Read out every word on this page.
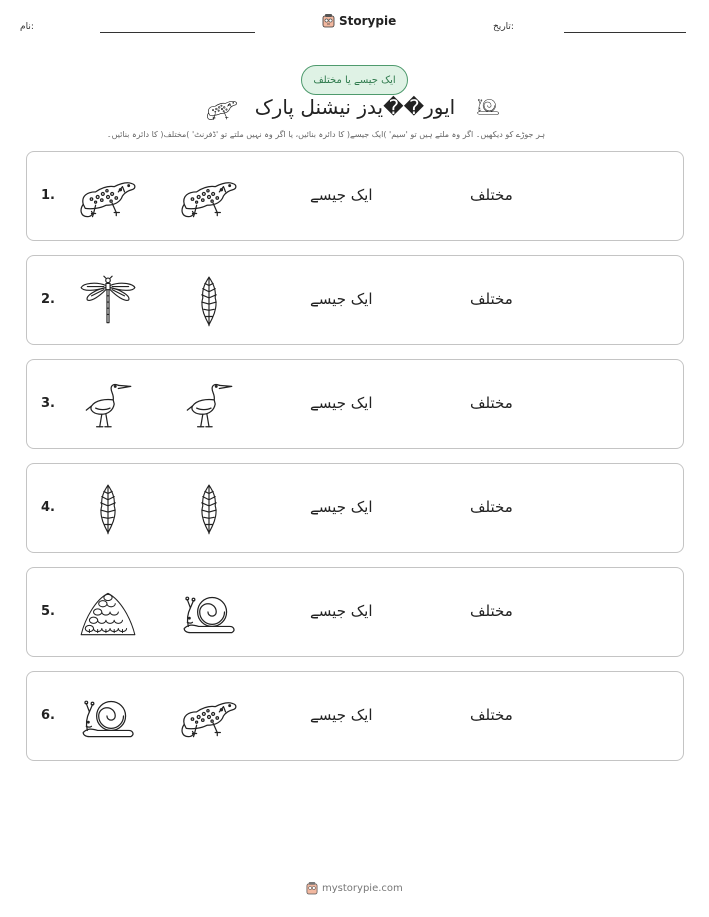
نام:	Storypie	تاریخ:
ایک جیسے یا مختلف
ایور��یدز نیشنل پارک
ہر جوڑے کو دیکھیں۔ اگر وہ ملتے ہیں تو 'سیم' )ایک جیسے( کا دائرہ بنائیں، یا اگر وہ نہیں ملتے تو 'ڈفرنٹ' )مختلف( کا دائرہ بنائیں۔
1.	ایک جیسے	مختلف
2.	ایک جیسے	مختلف
3.	ایک جیسے	مختلف
4.	ایک جیسے	مختلف
5.	ایک جیسے	مختلف
6.	ایک جیسے	مختلف
mystorypie.com
